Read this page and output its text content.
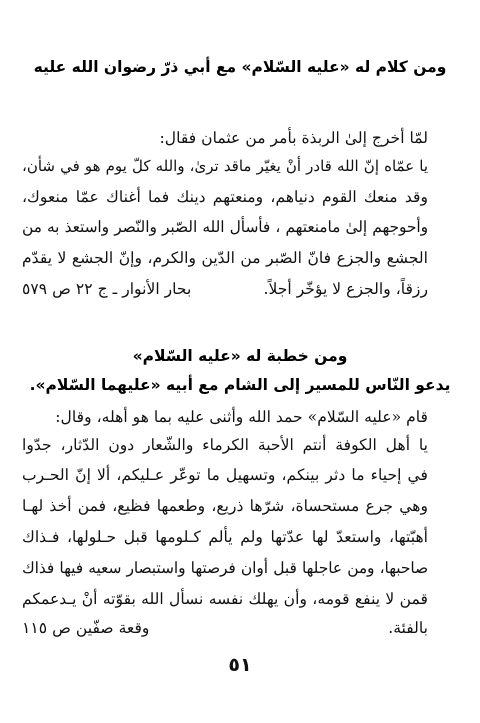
ومن كلام له «عليه السّلام» مع أبي ذرّ رضوان الله عليه
لمّا أخرج إلىٰ الربذة بأمر من عثمان فقال:
يا عمّاه إنّ الله قادر أنْ يغيّر ماقد ترىٰ، والله كلّ يوم هو في شأن،
وقد منعك القوم دنياهم، ومنعتهم دينك فما أغناك عمّا منعوك،
وأحوجهم إلىٰ مامنعتهم ، فأسأل الله الصّبر والنّصر واستعذ به من
الجشع والجزع فانّ الصّبر من الدّين والكرم، وإنّ الجشع لا يقدّم
رزقاً، والجزع لا يؤخّر أجلاً.
بحار الأنوار ـ ج ٢٢ ص ٥٧٩
ومن خطبة له «عليه السّلام»
يدعو النّاس للمسير إلى الشام مع أبيه «عليهما السّلام».
قام «عليه السّلام» حمد الله وأثنى عليه بما هو أهله، وقال:
يا أهل الكوفة أنتم الأحبة الكرماء والشّعار دون الدّثار، جدّوا
في إحياء ما دثر بينكم، وتسهيل ما توعّر عـليكم، ألا إنّ الحـرب
وهي جرع مستحساة، شرّها ذريع، وطعمها فظيع، فمن أخذ لهـا
أهبّتها، واستعدّ لها عدّتها ولم يألم كـلومها قبل حـلولها، فـذاك
صاحبها، ومن عاجلها قبل أوان فرصتها واستبصار سعيه فيها فذاك
قمن لا ينفع قومه، وأن يهلك نفسه نسأل الله بقوّته أنْ يـدعمكم
بالفئة.
وقعة صفّين ص ١١٥
٥١
